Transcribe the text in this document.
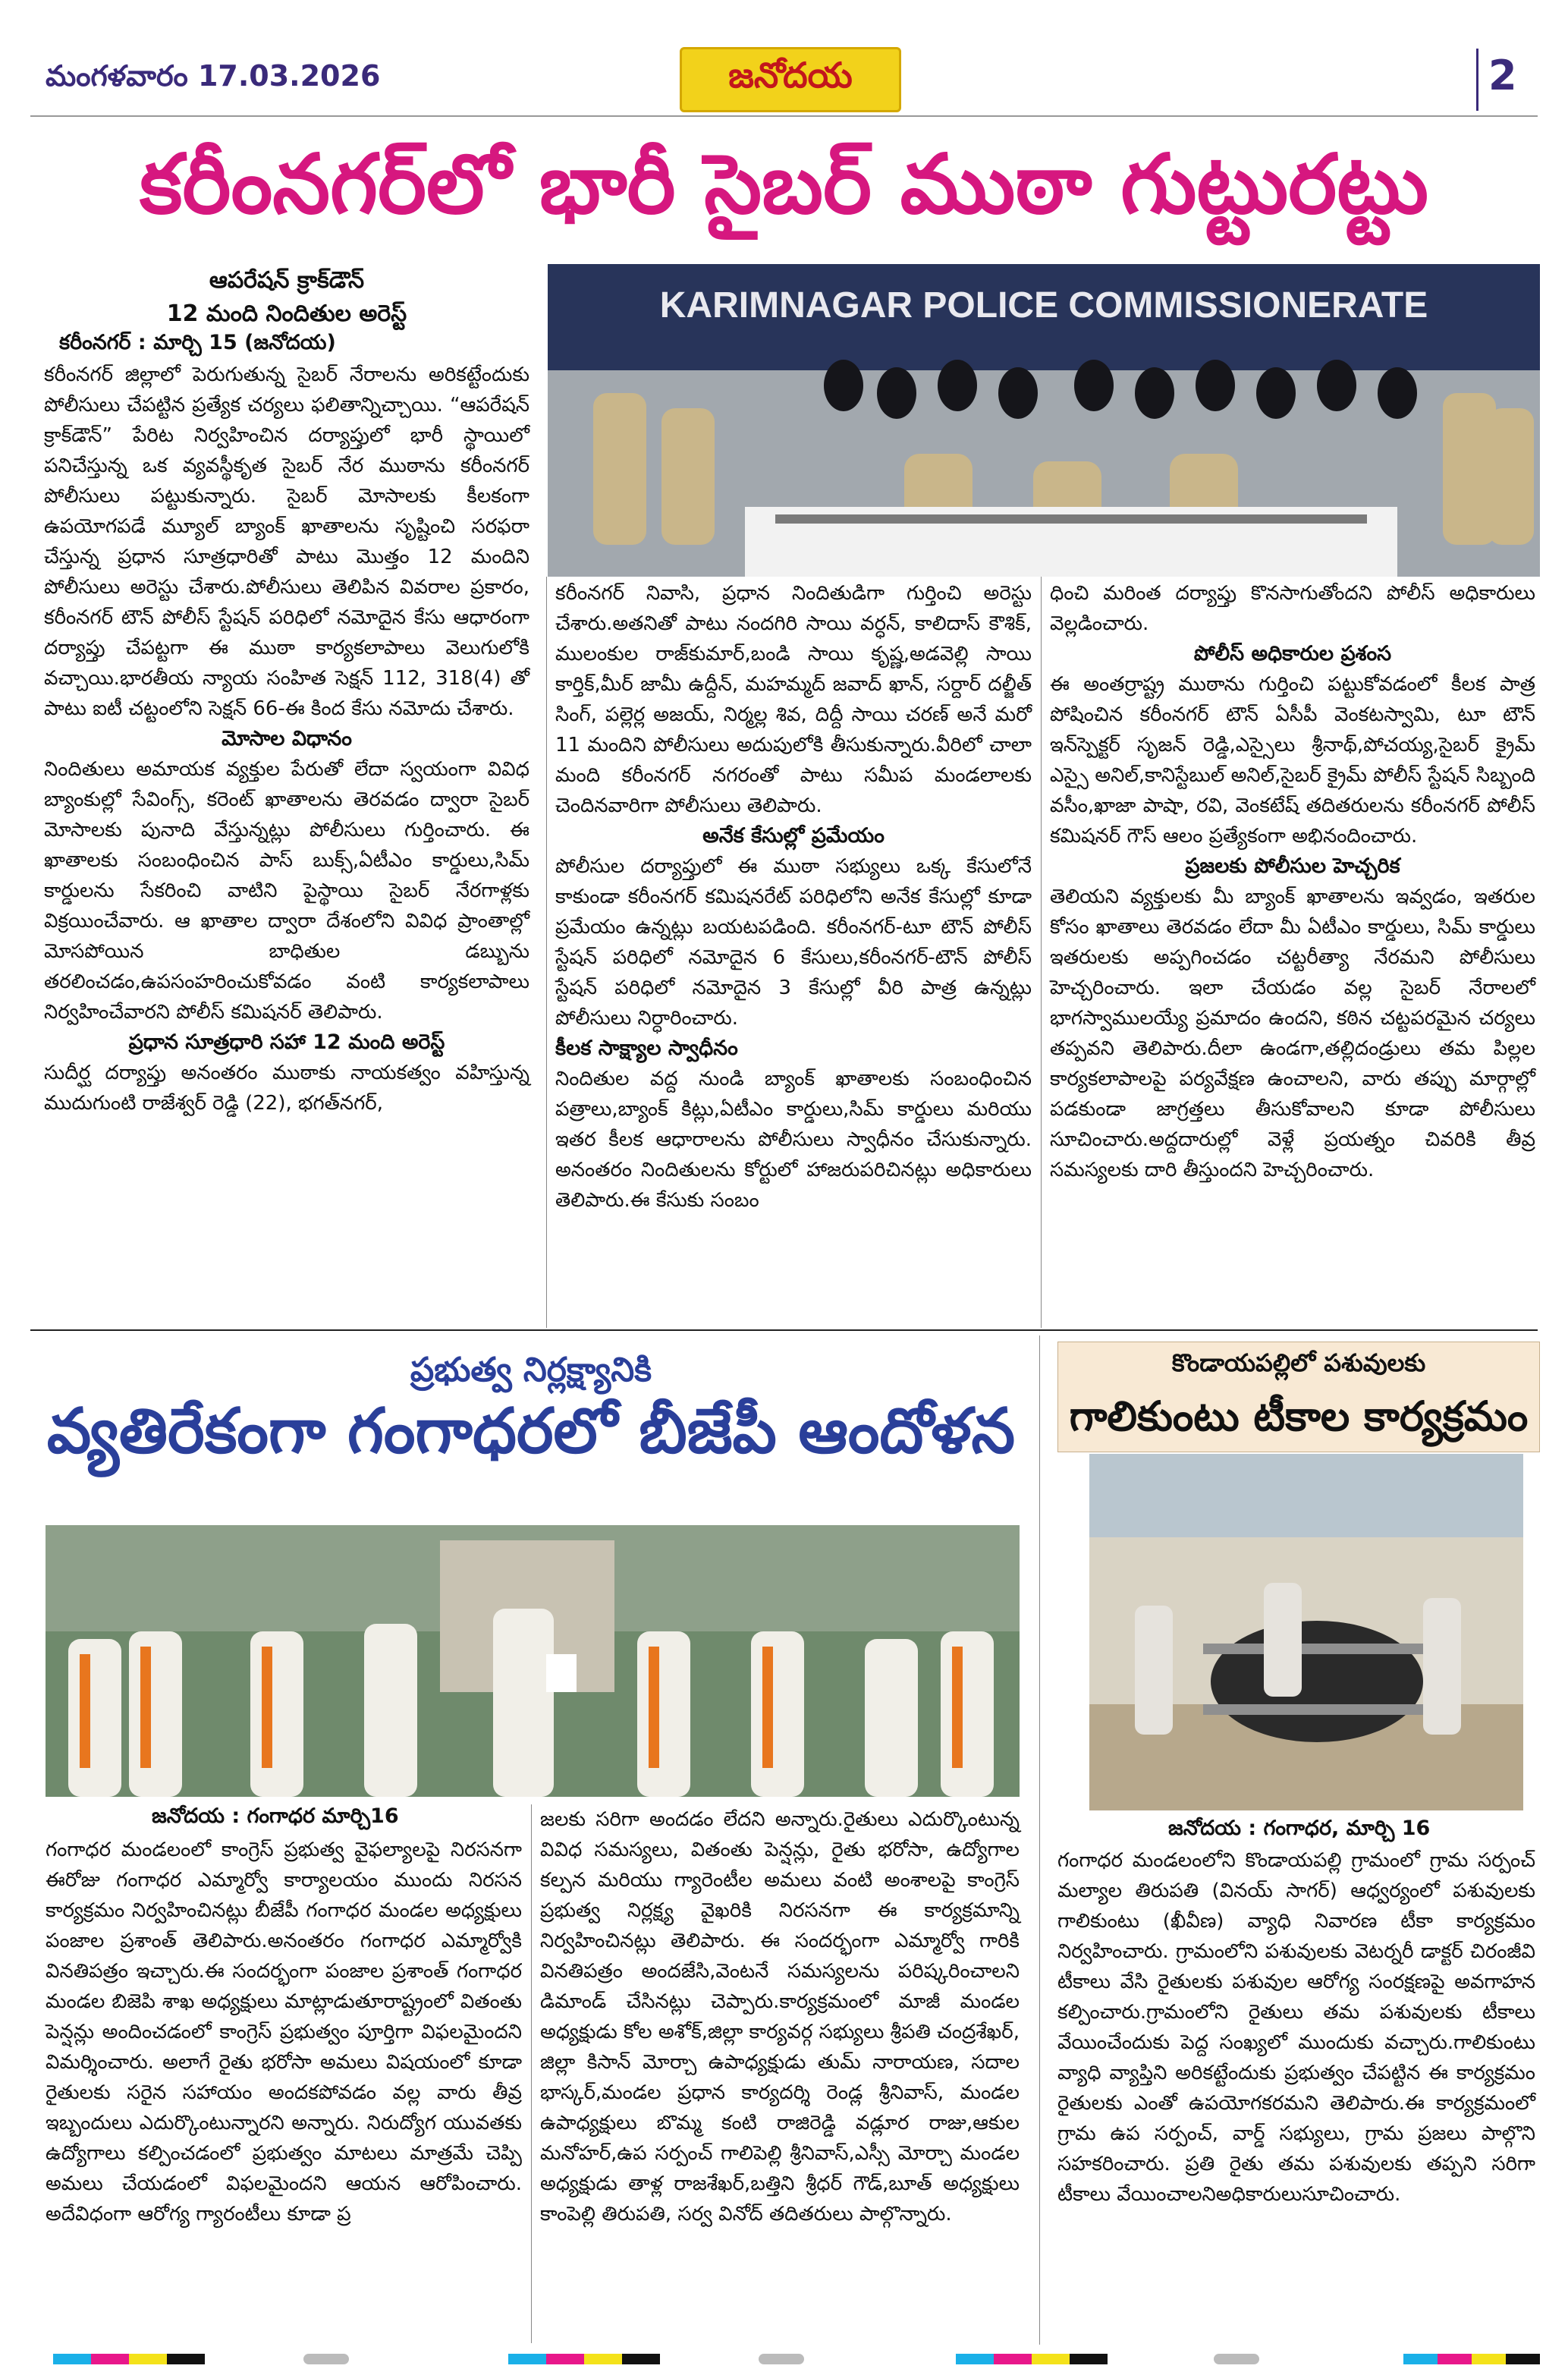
మంగళవారం 17.03.2026	జనోదయ	2
కరీంనగర్‌లో భారీ సైబర్ ముఠా గుట్టురట్టు
ఆపరేషన్ క్రాక్‌డౌన్
12 మంది నిందితుల అరెస్ట్
కరీంనగర్ : మార్చి 15 (జనోదయ)
కరీంనగర్ జిల్లాలో పెరుగుతున్న సైబర్ నేరాలను అరికట్టేందుకు పోలీసులు చేపట్టిన ప్రత్యేక చర్యలు ఫలితాన్నిచ్చాయి. “ఆపరేషన్ క్రాక్‌డౌన్” పేరిట నిర్వహించిన దర్యాప్తులో భారీ స్థాయిలో పనిచేస్తున్న ఒక వ్యవస్థీకృత సైబర్ నేర ముఠాను కరీంనగర్ పోలీసులు పట్టుకున్నారు. సైబర్ మోసాలకు కీలకంగా ఉపయోగపడే మ్యూల్ బ్యాంక్ ఖాతాలను సృష్టించి సరఫరా చేస్తున్న ప్రధాన సూత్రధారితో పాటు మొత్తం 12 మందిని పోలీసులు అరెస్టు చేశారు.పోలీసులు తెలిపిన వివరాల ప్రకారం, కరీంనగర్ టౌన్ పోలీస్ స్టేషన్ పరిధిలో నమోదైన కేసు ఆధారంగా దర్యాప్తు చేపట్టగా ఈ ముఠా కార్యకలాపాలు వెలుగులోకి వచ్చాయి.భారతీయ న్యాయ సంహిత సెక్షన్ 112, 318(4) తో పాటు ఐటీ చట్టంలోని సెక్షన్ 66-ఈ కింద కేసు నమోదు చేశారు.
మోసాల విధానం
నిందితులు అమాయక వ్యక్తుల పేరుతో లేదా స్వయంగా వివిధ బ్యాంకుల్లో సేవింగ్స్, కరెంట్ ఖాతాలను తెరవడం ద్వారా సైబర్ మోసాలకు పునాది వేస్తున్నట్లు పోలీసులు గుర్తించారు. ఈ ఖాతాలకు సంబంధించిన పాస్ బుక్స్,ఏటీఎం కార్డులు,సిమ్ కార్డులను సేకరించి వాటిని పైస్థాయి సైబర్ నేరగాళ్లకు విక్రయించేవారు. ఆ ఖాతాల ద్వారా దేశంలోని వివిధ ప్రాంతాల్లో మోసపోయిన బాధితుల డబ్బును తరలించడం,ఉపసంహరించుకోవడం వంటి కార్యకలాపాలు నిర్వహించేవారని పోలీస్ కమిషనర్ తెలిపారు.
ప్రధాన సూత్రధారి సహా 12 మంది అరెస్ట్
సుదీర్ఘ దర్యాప్తు అనంతరం ముఠాకు నాయకత్వం వహిస్తున్న ముదుగుంటి రాజేశ్వర్ రెడ్డి (22), భగత్‌నగర్,
KARIMNAGAR POLICE COMMISSIONERATE
కరీంనగర్ నివాసి, ప్రధాన నిందితుడిగా గుర్తించి అరెస్టు చేశారు.అతనితో పాటు నందగిరి సాయి వర్ధన్, కాలిదాస్ కౌశిక్, ములంకుల రాజ్‌కుమార్,బండి సాయి కృష్ణ,అడవెల్లి సాయి కార్తిక్,మీర్ జామీ ఉద్దీన్, మహమ్మద్ జవాద్ ఖాన్, సర్దార్ దల్జీత్ సింగ్, పల్లెర్ల అజయ్, నిర్మల్ల శివ, దిద్దీ సాయి చరణ్ అనే మరో 11 మందిని పోలీసులు అదుపులోకి తీసుకున్నారు.వీరిలో చాలా మంది కరీంనగర్ నగరంతో పాటు సమీప మండలాలకు చెందినవారిగా పోలీసులు తెలిపారు.
అనేక కేసుల్లో ప్రమేయం
పోలీసుల దర్యాప్తులో ఈ ముఠా సభ్యులు ఒక్క కేసులోనే కాకుండా కరీంనగర్ కమిషనరేట్ పరిధిలోని అనేక కేసుల్లో కూడా ప్రమేయం ఉన్నట్లు బయటపడింది. కరీంనగర్-టూ టౌన్ పోలీస్ స్టేషన్ పరిధిలో నమోదైన 6 కేసులు,కరీంనగర్-టౌన్ పోలీస్ స్టేషన్ పరిధిలో నమోదైన 3 కేసుల్లో వీరి పాత్ర ఉన్నట్లు పోలీసులు నిర్ధారించారు.
కీలక సాక్ష్యాల స్వాధీనం
నిందితుల వద్ద నుండి బ్యాంక్ ఖాతాలకు సంబంధించిన పత్రాలు,బ్యాంక్ కిట్లు,ఏటీఎం కార్డులు,సిమ్ కార్డులు మరియు ఇతర కీలక ఆధారాలను పోలీసులు స్వాధీనం చేసుకున్నారు. అనంతరం నిందితులను కోర్టులో హాజరుపరిచినట్లు అధికారులు తెలిపారు.ఈ కేసుకు సంబం
ధించి మరింత దర్యాప్తు కొనసాగుతోందని పోలీస్ అధికారులు వెల్లడించారు.
పోలీస్ అధికారుల ప్రశంస
ఈ అంతర్రాష్ట్ర ముఠాను గుర్తించి పట్టుకోవడంలో కీలక పాత్ర పోషించిన కరీంనగర్ టౌన్ ఏసీపీ వెంకటస్వామి, టూ టౌన్ ఇన్‌స్పెక్టర్ సృజన్ రెడ్డి,ఎస్సైలు శ్రీనాథ్,పోచయ్య,సైబర్ క్రైమ్ ఎస్సై అనిల్,కానిస్టేబుల్ అనిల్,సైబర్ క్రైమ్ పోలీస్ స్టేషన్ సిబ్బంది వసీం,ఖాజా పాషా, రవి, వెంకటేష్ తదితరులను కరీంనగర్ పోలీస్ కమిషనర్ గౌస్ ఆలం ప్రత్యేకంగా అభినందించారు.
ప్రజలకు పోలీసుల హెచ్చరిక
తెలియని వ్యక్తులకు మీ బ్యాంక్ ఖాతాలను ఇవ్వడం, ఇతరుల కోసం ఖాతాలు తెరవడం లేదా మీ ఏటీఎం కార్డులు, సిమ్ కార్డులు ఇతరులకు అప్పగించడం చట్టరీత్యా నేరమని పోలీసులు హెచ్చరించారు. ఇలా చేయడం వల్ల సైబర్ నేరాలలో భాగస్వాములయ్యే ప్రమాదం ఉందని, కఠిన చట్టపరమైన చర్యలు తప్పవని తెలిపారు.దీలా ఉండగా,తల్లిదండ్రులు తమ పిల్లల కార్యకలాపాలపై పర్యవేక్షణ ఉంచాలని, వారు తప్పు మార్గాల్లో పడకుండా జాగ్రత్తలు తీసుకోవాలని కూడా పోలీసులు సూచించారు.అద్దదారుల్లో వెళ్లే ప్రయత్నం చివరికి తీవ్ర సమస్యలకు దారి తీస్తుందని హెచ్చరించారు.
ప్రభుత్వ నిర్లక్ష్యానికి
వ్యతిరేకంగా గంగాధరలో బీజేపీ ఆందోళన
జనోదయ : గంగాధర మార్చి16
గంగాధర మండలంలో కాంగ్రెస్ ప్రభుత్వ వైఫల్యాలపై నిరసనగా ఈరోజు గంగాధర ఎమ్మార్వో కార్యాలయం ముందు నిరసన కార్యక్రమం నిర్వహించినట్లు బీజేపీ గంగాధర మండల అధ్యక్షులు పంజాల ప్రశాంత్ తెలిపారు.అనంతరం గంగాధర ఎమ్మార్వోకి వినతిపత్రం ఇచ్చారు.ఈ సందర్భంగా పంజాల ప్రశాంత్ గంగాధర మండల బిజెపి శాఖ అధ్యక్షులు మాట్లాడుతూరాష్ట్రంలో వితంతు పెన్షన్లు అందించడంలో కాంగ్రెస్ ప్రభుత్వం పూర్తిగా విఫలమైందని విమర్శించారు. అలాగే రైతు భరోసా అమలు విషయంలో కూడా రైతులకు సరైన సహాయం అందకపోవడం వల్ల వారు తీవ్ర ఇబ్బందులు ఎదుర్కొంటున్నారని అన్నారు. నిరుద్యోగ యువతకు ఉద్యోగాలు కల్పించడంలో ప్రభుత్వం మాటలు మాత్రమే చెప్పి అమలు చేయడంలో విఫలమైందని ఆయన ఆరోపించారు. అదేవిధంగా ఆరోగ్య గ్యారంటీలు కూడా ప్ర
జలకు సరిగా అందడం లేదని అన్నారు.రైతులు ఎదుర్కొంటున్న వివిధ సమస్యలు, వితంతు పెన్షన్లు, రైతు భరోసా, ఉద్యోగాల కల్పన మరియు గ్యారెంటీల అమలు వంటి అంశాలపై కాంగ్రెస్ ప్రభుత్వ నిర్లక్ష్య వైఖరికి నిరసనగా ఈ కార్యక్రమాన్ని నిర్వహించినట్లు తెలిపారు. ఈ సందర్భంగా ఎమ్మార్వో గారికి వినతిపత్రం అందజేసి,వెంటనే సమస్యలను పరిష్కరించాలని డిమాండ్ చేసినట్లు చెప్పారు.కార్యక్రమంలో మాజీ మండల అధ్యక్షుడు కోల అశోక్,జిల్లా కార్యవర్గ సభ్యులు శ్రీపతి చంద్రశేఖర్, జిల్లా కిసాన్ మోర్చా ఉపాధ్యక్షుడు తుమ్ నారాయణ, సదాల భాస్కర్,మండల ప్రధాన కార్యదర్శి రెండ్ల శ్రీనివాస్, మండల ఉపాధ్యక్షులు బొమ్మ కంటి రాజిరెడ్డి వడ్లూర రాజు,ఆకుల మనోహర్,ఉప సర్పంచ్ గాలిపెల్లి శ్రీనివాస్,ఎస్సీ మోర్చా మండల అధ్యక్షుడు తాళ్ల రాజశేఖర్,బత్తిని శ్రీధర్ గౌడ్,బూత్ అధ్యక్షులు కాంపెల్లి తిరుపతి, సర్వ వినోద్ తదితరులు పాల్గొన్నారు.
కొండాయపల్లిలో పశువులకు
గాలికుంటు టీకాల కార్యక్రమం
జనోదయ : గంగాధర, మార్చి 16
గంగాధర మండలంలోని కొండాయపల్లి గ్రామంలో గ్రామ సర్పంచ్ మల్యాల తిరుపతి (వినయ్ సాగర్) ఆధ్వర్యంలో పశువులకు గాలికుంటు (ఖీవీణ) వ్యాధి నివారణ టీకా కార్యక్రమం నిర్వహించారు. గ్రామంలోని పశువులకు వెటర్నరీ డాక్టర్ చిరంజీవి టీకాలు వేసి రైతులకు పశువుల ఆరోగ్య సంరక్షణపై అవగాహన కల్పించారు.గ్రామంలోని రైతులు తమ పశువులకు టీకాలు వేయించేందుకు పెద్ద సంఖ్యలో ముందుకు వచ్చారు.గాలికుంటు వ్యాధి వ్యాప్తిని అరికట్టేందుకు ప్రభుత్వం చేపట్టిన ఈ కార్యక్రమం రైతులకు ఎంతో ఉపయోగకరమని తెలిపారు.ఈ కార్యక్రమంలో గ్రామ ఉప సర్పంచ్, వార్డ్ సభ్యులు, గ్రామ ప్రజలు పాల్గొని సహకరించారు. ప్రతి రైతు తమ పశువులకు తప్పని సరిగా టీకాలు వేయించాలనిఅధికారులుసూచించారు.
